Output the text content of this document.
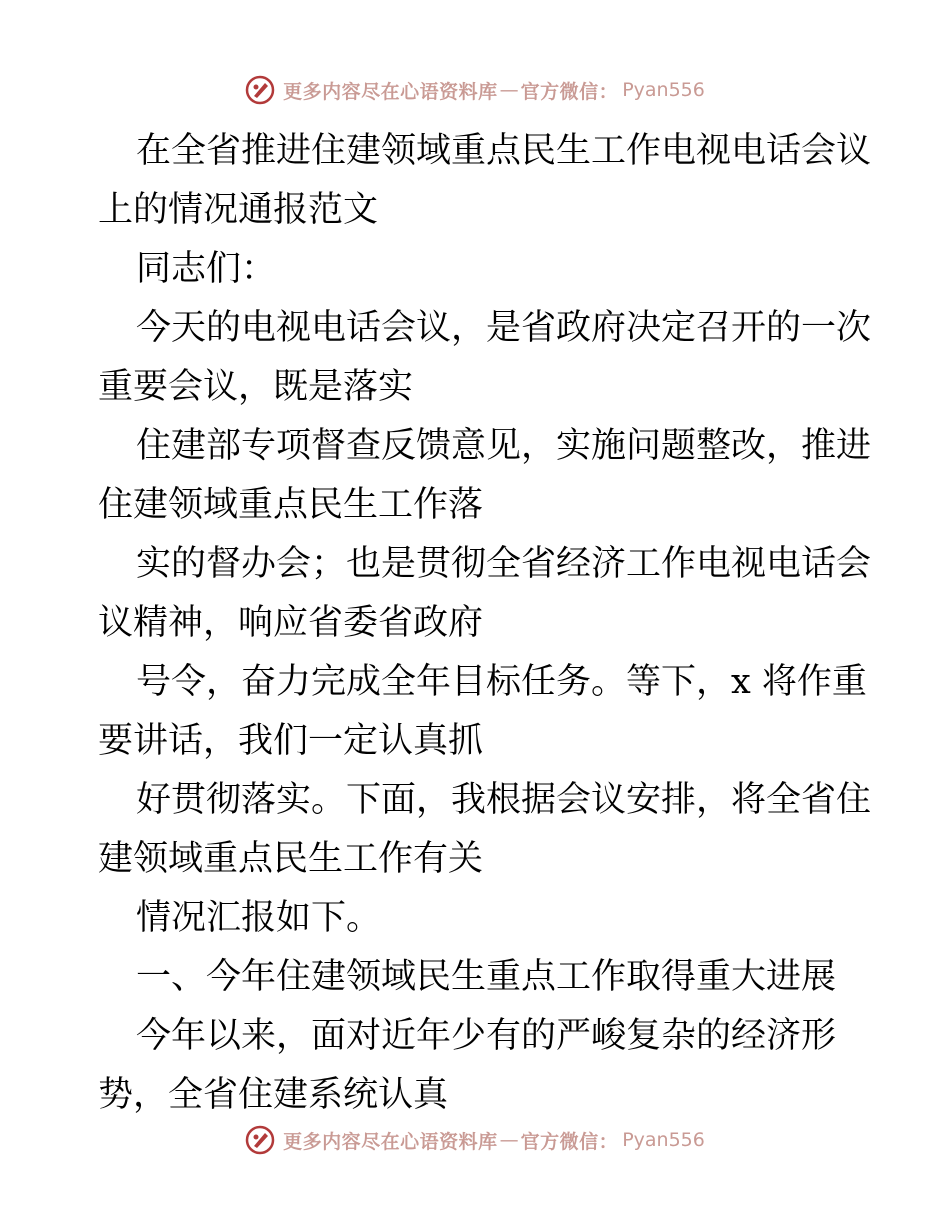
更多内容尽在心语资料库 — 官方微信： Pyan556
在全省推进住建领域重点民生工作电视电话会议
上的情况通报范文
同志们：
今天的电视电话会议，是省政府决定召开的一次
重要会议，既是落实
住建部专项督查反馈意见，实施问题整改，推进
住建领域重点民生工作落
实的督办会；也是贯彻全省经济工作电视电话会
议精神，响应省委省政府
号令，奋力完成全年目标任务。等下，x 将作重
要讲话，我们一定认真抓
好贯彻落实。下面，我根据会议安排，将全省住
建领域重点民生工作有关
情况汇报如下。
一、今年住建领域民生重点工作取得重大进展
今年以来，面对近年少有的严峻复杂的经济形
势，全省住建系统认真
更多内容尽在心语资料库 — 官方微信： Pyan556
